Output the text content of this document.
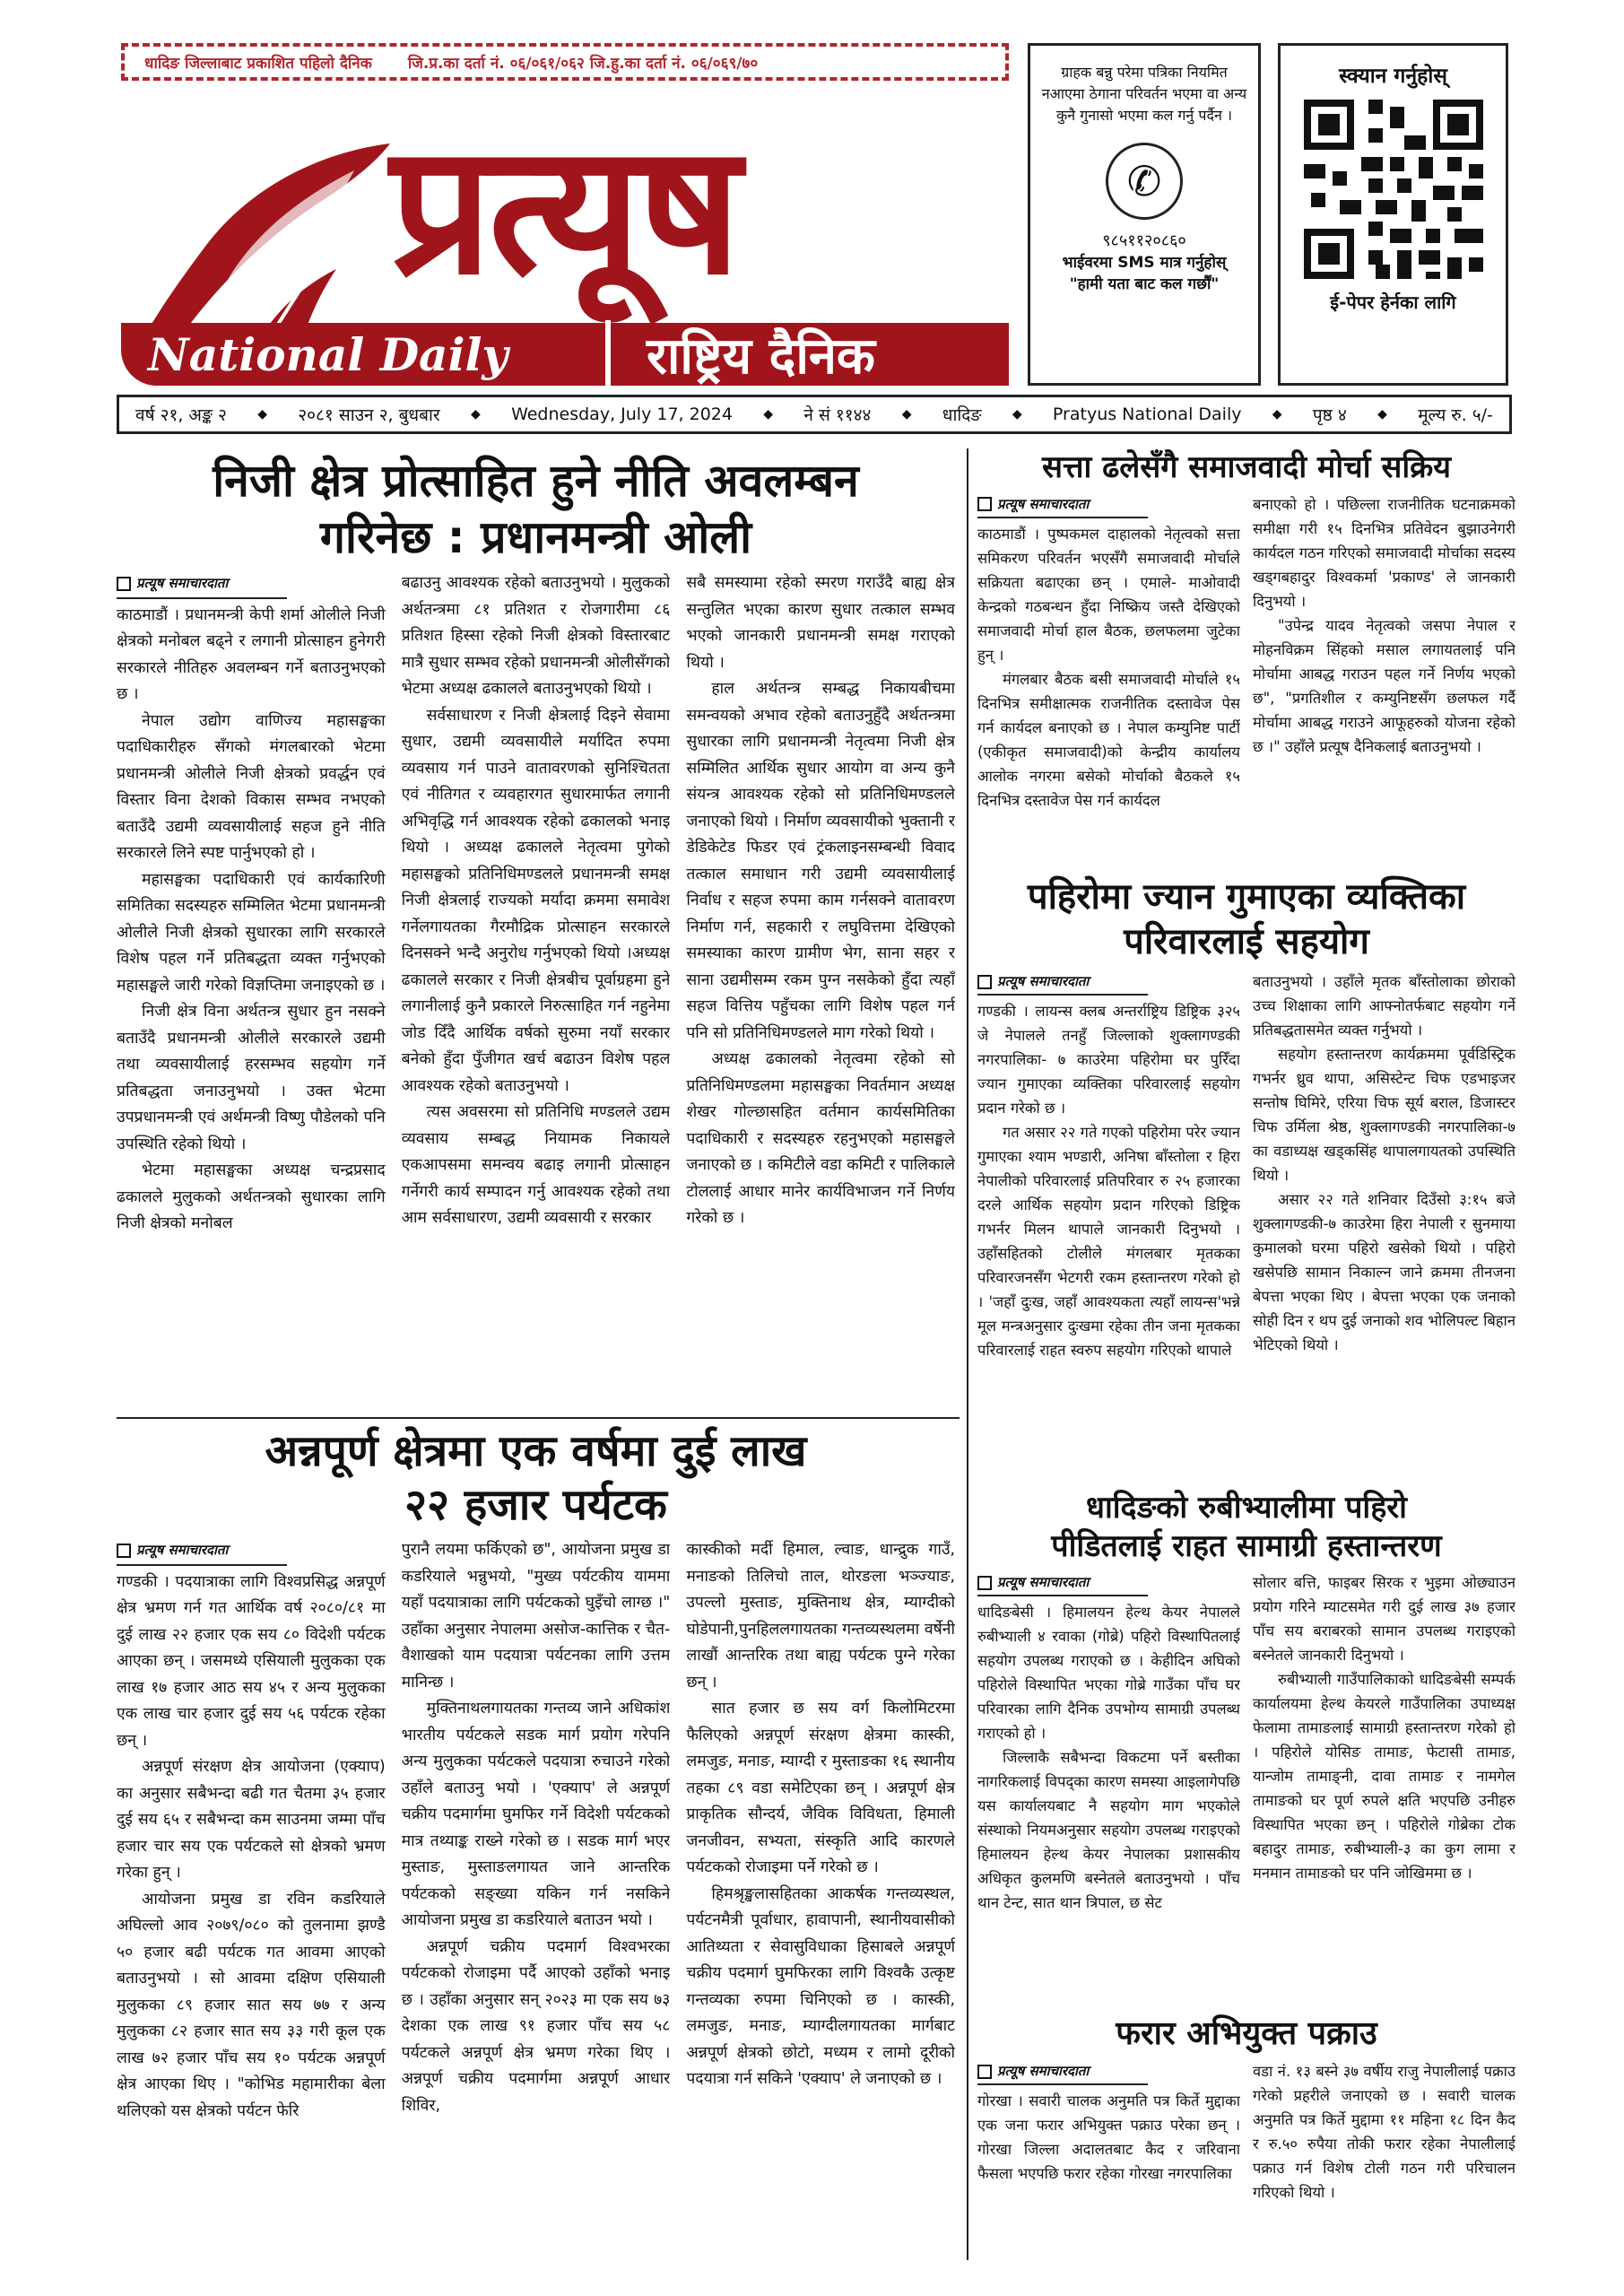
धादिङ जिल्लाबाट प्रकाशित पहिलो दैनिक जि.प्र.का दर्ता नं. ०६/०६१/०६२ जि.हु.का दर्ता नं. ०६/०६९/७०
प्रत्यूष
National Daily	राष्ट्रिय दैनिक
ग्राहक बन्नु परेमा पत्रिका नियमित नआएमा ठेगाना परिवर्तन भएमा वा अन्य कुनै गुनासो भएमा कल गर्नु पर्दैन ।
✆
९८५११२०८६०
भाईवरमा SMS मात्र गर्नुहोस्
"हामी यता बाट कल गर्छौं"
स्क्यान गर्नुहोस्
ई-पेपर हेर्नका लागि
वर्ष २१, अङ्क २ ◆ २०८१ साउन २, बुधबार ◆ Wednesday, July 17, 2024 ◆ ने सं ११४४ ◆ धादिङ ◆ Pratyus National Daily ◆ पृष्ठ ४ ◆ मूल्य रु. ५/-
निजी क्षेत्र प्रोत्साहित हुने नीति अवलम्बन
गरिनेछ : प्रधानमन्त्री ओली
प्रत्यूष समाचारदाता

काठमाडौं । प्रधानमन्त्री केपी शर्मा ओलीले निजी क्षेत्रको मनोबल बढ्ने र लगानी प्रोत्साहन हुनेगरी सरकारले नीतिहरु अवलम्बन गर्ने बताउनुभएको छ ।

नेपाल उद्योग वाणिज्य महासङ्घका पदाधिकारीहरु सँगको मंगलबारको भेटमा प्रधानमन्त्री ओलीले निजी क्षेत्रको प्रवर्द्धन एवं विस्तार विना देशको विकास सम्भव नभएको बताउँदै उद्यमी व्यवसायीलाई सहज हुने नीति सरकारले लिने स्पष्ट पार्नुभएको हो ।

महासङ्घका पदाधिकारी एवं कार्यकारिणी समितिका सदस्यहरु सम्मिलित भेटमा प्रधानमन्त्री ओलीले निजी क्षेत्रको सुधारका लागि सरकारले विशेष पहल गर्ने प्रतिबद्धता व्यक्त गर्नुभएको महासङ्घले जारी गरेको विज्ञप्तिमा जनाइएको छ ।

निजी क्षेत्र विना अर्थतन्त्र सुधार हुन नसक्ने बताउँदै प्रधानमन्त्री ओलीले सरकारले उद्यमी तथा व्यवसायीलाई हरसम्भव सहयोग गर्ने प्रतिबद्धता जनाउनुभयो । उक्त भेटमा उपप्रधानमन्त्री एवं अर्थमन्त्री विष्णु पौडेलको पनि उपस्थिति रहेको थियो ।

भेटमा महासङ्घका अध्यक्ष चन्द्रप्रसाद ढकालले मुलुकको अर्थतन्त्रको सुधारका लागि निजी क्षेत्रको मनोबल

बढाउनु आवश्यक रहेको बताउनुभयो । मुलुकको अर्थतन्त्रमा ८१ प्रतिशत र रोजगारीमा ८६ प्रतिशत हिस्सा रहेको निजी क्षेत्रको विस्तारबाट मात्रै सुधार सम्भव रहेको प्रधानमन्त्री ओलीसँगको भेटमा अध्यक्ष ढकालले बताउनुभएको थियो ।

सर्वसाधारण र निजी क्षेत्रलाई दिइने सेवामा सुधार, उद्यमी व्यवसायीले मर्यादित रुपमा व्यवसाय गर्न पाउने वातावरणको सुनिश्चितता एवं नीतिगत र व्यवहारगत सुधारमार्फत लगानी अभिवृद्धि गर्न आवश्यक रहेको ढकालको भनाइ थियो । अध्यक्ष ढकालले नेतृत्वमा पुगेको महासङ्घको प्रतिनिधिमण्डलले प्रधानमन्त्री समक्ष निजी क्षेत्रलाई राज्यको मर्यादा क्रममा समावेश गर्नेलगायतका गैरमौद्रिक प्रोत्साहन सरकारले दिनसक्ने भन्दै अनुरोध गर्नुभएको थियो ।अध्यक्ष ढकालले सरकार र निजी क्षेत्रबीच पूर्वाग्रहमा हुने लगानीलाई कुनै प्रकारले निरुत्साहित गर्न नहुनेमा जोड दिँदै आर्थिक वर्षको सुरुमा नयाँ सरकार बनेको हुँदा पुँजीगत खर्च बढाउन विशेष पहल आवश्यक रहेको बताउनुभयो ।

त्यस अवसरमा सो प्रतिनिधि मण्डलले उद्यम व्यवसाय सम्बद्ध नियामक निकायले एकआपसमा समन्वय बढाइ लगानी प्रोत्साहन गर्नेगरी कार्य सम्पादन गर्नु आवश्यक रहेको तथा आम सर्वसाधारण, उद्यमी व्यवसायी र सरकार

सबै समस्यामा रहेको स्मरण गराउँदै बाह्य क्षेत्र सन्तुलित भएका कारण सुधार तत्काल सम्भव भएको जानकारी प्रधानमन्त्री समक्ष गराएको थियो ।

हाल अर्थतन्त्र सम्बद्ध निकायबीचमा समन्वयको अभाव रहेको बताउनुहुँदै अर्थतन्त्रमा सुधारका लागि प्रधानमन्त्री नेतृत्वमा निजी क्षेत्र सम्मिलित आर्थिक सुधार आयोग वा अन्य कुनै संयन्त्र आवश्यक रहेको सो प्रतिनिधिमण्डलले जनाएको थियो । निर्माण व्यवसायीको भुक्तानी र डेडिकेटेड फिडर एवं ट्रंकलाइनसम्बन्धी विवाद तत्काल समाधान गरी उद्यमी व्यवसायीलाई निर्वाध र सहज रुपमा काम गर्नसक्ने वातावरण निर्माण गर्न, सहकारी र लघुवित्तमा देखिएको समस्याका कारण ग्रामीण भेग, साना सहर र साना उद्यमीसम्म रकम पुग्न नसकेको हुँदा त्यहाँ सहज वित्तिय पहुँचका लागि विशेष पहल गर्न पनि सो प्रतिनिधिमण्डलले माग गरेको थियो ।

अध्यक्ष ढकालको नेतृत्वमा रहेको सो प्रतिनिधिमण्डलमा महासङ्घका निवर्तमान अध्यक्ष शेखर गोल्छासहित वर्तमान कार्यसमितिका पदाधिकारी र सदस्यहरु रहनुभएको महासङ्घले जनाएको छ । कमिटीले वडा कमिटी र पालिकाले टोललाई आधार मानेर कार्यविभाजन गर्ने निर्णय गरेको छ ।

अन्नपूर्ण क्षेत्रमा एक वर्षमा दुई लाख
२२ हजार पर्यटक
प्रत्यूष समाचारदाता

गण्डकी । पदयात्राका लागि विश्वप्रसिद्ध अन्नपूर्ण क्षेत्र भ्रमण गर्न गत आर्थिक वर्ष २०८०/८१ मा दुई लाख २२ हजार एक सय ८० विदेशी पर्यटक आएका छन् । जसमध्ये एसियाली मुलुकका एक लाख १७ हजार आठ सय ४५ र अन्य मुलुकका एक लाख चार हजार दुई सय ५६ पर्यटक रहेका छन् ।

अन्नपूर्ण संरक्षण क्षेत्र आयोजना (एक्याप) का अनुसार सबैभन्दा बढी गत चैतमा ३५ हजार दुई सय ६५ र सबैभन्दा कम साउनमा जम्मा पाँच हजार चार सय एक पर्यटकले सो क्षेत्रको भ्रमण गरेका हुन् ।

आयोजना प्रमुख डा रविन कडरियाले अघिल्लो आव २०७९/०८० को तुलनामा झण्डै ५० हजार बढी पर्यटक गत आवमा आएको बताउनुभयो । सो आवमा दक्षिण एसियाली मुलुकका ८९ हजार सात सय ७७ र अन्य मुलुकका ८२ हजार सात सय ३३ गरी कूल एक लाख ७२ हजार पाँच सय १० पर्यटक अन्नपूर्ण क्षेत्र आएका थिए । "कोभिड महामारीका बेला थलिएको यस क्षेत्रको पर्यटन फेरि

पुरानै लयमा फर्किएको छ", आयोजना प्रमुख डा कडरियाले भन्नुभयो, "मुख्य पर्यटकीय याममा यहाँ पदयात्राका लागि पर्यटकको घुइँचो लाग्छ ।" उहाँका अनुसार नेपालमा असोज-कात्तिक र चैत-वैशाखको याम पदयात्रा पर्यटनका लागि उत्तम मानिन्छ ।

मुक्तिनाथलगायतका गन्तव्य जाने अधिकांश भारतीय पर्यटकले सडक मार्ग प्रयोग गरेपनि अन्य मुलुकका पर्यटकले पदयात्रा रुचाउने गरेको उहाँले बताउनु भयो । 'एक्याप' ले अन्नपूर्ण चक्रीय पदमार्गमा घुमफिर गर्ने विदेशी पर्यटकको मात्र तथ्याङ्क राख्ने गरेको छ । सडक मार्ग भएर मुस्ताङ, मुस्ताङलगायत जाने आन्तरिक पर्यटकको सङ्ख्या यकिन गर्न नसकिने आयोजना प्रमुख डा कडरियाले बताउन भयो ।

अन्नपूर्ण चक्रीय पदमार्ग विश्वभरका पर्यटकको रोजाइमा पर्दै आएको उहाँको भनाइ छ । उहाँका अनुसार सन् २०२३ मा एक सय ७३ देशका एक लाख ९१ हजार पाँच सय ५८ पर्यटकले अन्नपूर्ण क्षेत्र भ्रमण गरेका थिए । अन्नपूर्ण चक्रीय पदमार्गमा अन्नपूर्ण आधार शिविर,

कास्कीको मर्दी हिमाल, ल्वाङ, धान्द्रुक गाउँ, मनाङको तिलिचो ताल, थोरङला भञ्ज्याङ, उपल्लो मुस्ताङ, मुक्तिनाथ क्षेत्र, म्याग्दीको घोडेपानी,पुनहिललगायतका गन्तव्यस्थलमा वर्षेनी लाखौं आन्तरिक तथा बाह्य पर्यटक पुग्ने गरेका छन् ।

सात हजार छ सय वर्ग किलोमिटरमा फैलिएको अन्नपूर्ण संरक्षण क्षेत्रमा कास्की, लमजुङ, मनाङ, म्याग्दी र मुस्ताङका १६ स्थानीय तहका ८९ वडा समेटिएका छन् । अन्नपूर्ण क्षेत्र प्राकृतिक सौन्दर्य, जैविक विविधता, हिमाली जनजीवन, सभ्यता, संस्कृति आदि कारणले पर्यटकको रोजाइमा पर्ने गरेको छ ।

हिमश्रृङ्खलासहितका आकर्षक गन्तव्यस्थल, पर्यटनमैत्री पूर्वाधार, हावापानी, स्थानीयवासीको आतिथ्यता र सेवासुविधाका हिसाबले अन्नपूर्ण चक्रीय पदमार्ग घुमफिरका लागि विश्वकै उत्कृष्ट गन्तव्यका रुपमा चिनिएको छ । कास्की, लमजुङ, मनाङ, म्याग्दीलगायतका मार्गबाट अन्नपूर्ण क्षेत्रको छोटो, मध्यम र लामो दूरीको पदयात्रा गर्न सकिने 'एक्याप' ले जनाएको छ ।

सत्ता ढलेसँगै समाजवादी मोर्चा सक्रिय
प्रत्यूष समाचारदाता

काठमाडौं । पुष्पकमल दाहालको नेतृत्वको सत्ता समिकरण परिवर्तन भएसँगै समाजवादी मोर्चाले सक्रियता बढाएका छन् । एमाले- माओवादी केन्द्रको गठबन्धन हुँदा निष्क्रिय जस्तै देखिएको समाजवादी मोर्चा हाल बैठक, छलफलमा जुटेका हुन् ।

मंगलबार बैठक बसी समाजवादी मोर्चाले १५ दिनभित्र समीक्षात्मक राजनीतिक दस्तावेज पेस गर्न कार्यदल बनाएको छ । नेपाल कम्युनिष्ट पार्टी (एकीकृत समाजवादी)को केन्द्रीय कार्यालय आलोक नगरमा बसेको मोर्चाको बैठकले १५ दिनभित्र दस्तावेज पेस गर्न कार्यदल

बनाएको हो । पछिल्ला राजनीतिक घटनाक्रमको समीक्षा गरी १५ दिनभित्र प्रतिवेदन बुझाउनेगरी कार्यदल गठन गरिएको समाजवादी मोर्चाका सदस्य खड्गबहादुर विश्वकर्मा 'प्रकाण्ड' ले जानकारी दिनुभयो ।

"उपेन्द्र यादव नेतृत्वको जसपा नेपाल र मोहनविक्रम सिंहको मसाल लगायतलाई पनि मोर्चामा आबद्ध गराउन पहल गर्ने निर्णय भएको छ", "प्रगतिशील र कम्युनिष्टसँग छलफल गर्दै मोर्चामा आबद्ध गराउने आफूहरुको योजना रहेको छ ।" उहाँले प्रत्यूष दैनिकलाई बताउनुभयो ।

पहिरोमा ज्यान गुमाएका व्यक्तिका
परिवारलाई सहयोग
प्रत्यूष समाचारदाता

गण्डकी । लायन्स क्लब अन्तर्राष्ट्रिय डिष्ट्रिक ३२५ जे नेपालले तनहुँ जिल्लाको शुक्लागण्डकी नगरपालिका- ७ काउरेमा पहिरोमा घर पुरिँदा ज्यान गुमाएका व्यक्तिका परिवारलाई सहयोग प्रदान गरेको छ ।

गत असार २२ गते गएको पहिरोमा परेर ज्यान गुमाएका श्याम भण्डारी, अनिषा बाँस्तोला र हिरा नेपालीको परिवारलाई प्रतिपरिवार रु २५ हजारका दरले आर्थिक सहयोग प्रदान गरिएको डिष्ट्रिक गभर्नर मिलन थापाले जानकारी दिनुभयो । उहाँसहितको टोलीले मंगलबार मृतकका परिवारजनसँग भेटगरी रकम हस्तान्तरण गरेको हो । 'जहाँ दुःख, जहाँ आवश्यकता त्यहाँ लायन्स'भन्ने मूल मन्त्रअनुसार दुःखमा रहेका तीन जना मृतकका परिवारलाई राहत स्वरुप सहयोग गरिएको थापाले

बताउनुभयो । उहाँले मृतक बाँस्तोलाका छोराको उच्च शिक्षाका लागि आफ्नोतर्फबाट सहयोग गर्ने प्रतिबद्धतासमेत व्यक्त गर्नुभयो ।

सहयोग हस्तान्तरण कार्यक्रममा पूर्वडिस्ट्रिक गभर्नर ध्रुव थापा, असिस्टेन्ट चिफ एडभाइजर सन्तोष घिमिरे, एरिया चिफ सूर्य बराल, डिजास्टर चिफ उर्मिला श्रेष्ठ, शुक्लागण्डकी नगरपालिका-७ का वडाध्यक्ष खड्कसिंह थापालगायतको उपस्थिति थियो ।

असार २२ गते शनिवार दिउँसो ३:१५ बजे शुक्लागण्डकी-७ काउरेमा हिरा नेपाली र सुनमाया कुमालको घरमा पहिरो खसेको थियो । पहिरो खसेपछि सामान निकाल्न जाने क्रममा तीनजना बेपत्ता भएका थिए । बेपत्ता भएका एक जनाको सोही दिन र थप दुई जनाको शव भोलिपल्ट बिहान भेटिएको थियो ।

धादिङको रुबीभ्यालीमा पहिरो
पीडितलाई राहत सामाग्री हस्तान्तरण
प्रत्यूष समाचारदाता

धादिङबेसी । हिमालयन हेल्थ केयर नेपालले रुबीभ्याली ४ रवाका (गोब्रे) पहिरो विस्थापितलाई सहयोग उपलब्ध गराएको छ । केहीदिन अघिको पहिरोले विस्थापित भएका गोब्रे गाउँका पाँच घर परिवारका लागि दैनिक उपभोग्य सामाग्री उपलब्ध गराएको हो ।

जिल्लाकै सबैभन्दा विकटमा पर्ने बस्तीका नागरिकलाई विपद्का कारण समस्या आइलागेपछि यस कार्यालयबाट नै सहयोग माग भएकोले संस्थाको नियमअनुसार सहयोग उपलब्ध गराइएको हिमालयन हेल्थ केयर नेपालका प्रशासकीय अधिकृत कुलमणि बस्नेतले बताउनुभयो । पाँच थान टेन्ट, सात थान त्रिपाल, छ सेट

सोलार बत्ति, फाइबर सिरक र भुइमा ओछ्याउन प्रयोग गरिने म्याटसमेत गरी दुई लाख ३७ हजार पाँच सय बराबरको सामान उपलब्ध गराइएको बस्नेतले जानकारी दिनुभयो ।

रुबीभ्याली गाउँपालिकाको धादिङबेसी सम्पर्क कार्यालयमा हेल्थ केयरले गाउँपालिका उपाध्यक्ष फेलामा तामाङलाई सामाग्री हस्तान्तरण गरेको हो । पहिरोले योसिङ तामाङ, फेटासी तामाङ, यान्जोम तामाङ्नी, दावा तामाङ र नामगेल तामाङको घर पूर्ण रुपले क्षति भएपछि उनीहरु विस्थापित भएका छन् । पहिरोले गोब्रेका टोक बहादुर तामाङ, रुबीभ्याली-३ का कुग लामा र मनमान तामाङको घर पनि जोखिममा छ ।

फरार अभियुक्त पक्राउ
प्रत्यूष समाचारदाता

गोरखा । सवारी चालक अनुमति पत्र किर्ते मुद्दाका एक जना फरार अभियुक्त पक्राउ परेका छन् । गोरखा जिल्ला अदालतबाट कैद र जरिवाना फैसला भएपछि फरार रहेका गोरखा नगरपालिका

वडा नं. १३ बस्ने ३७ वर्षीय राजु नेपालीलाई पक्राउ गरेको प्रहरीले जनाएको छ । सवारी चालक अनुमति पत्र किर्ते मुद्दामा ११ महिना १८ दिन कैद र रु.५० रुपैया तोकी फरार रहेका नेपालीलाई पक्राउ गर्न विशेष टोली गठन गरी परिचालन गरिएको थियो ।
